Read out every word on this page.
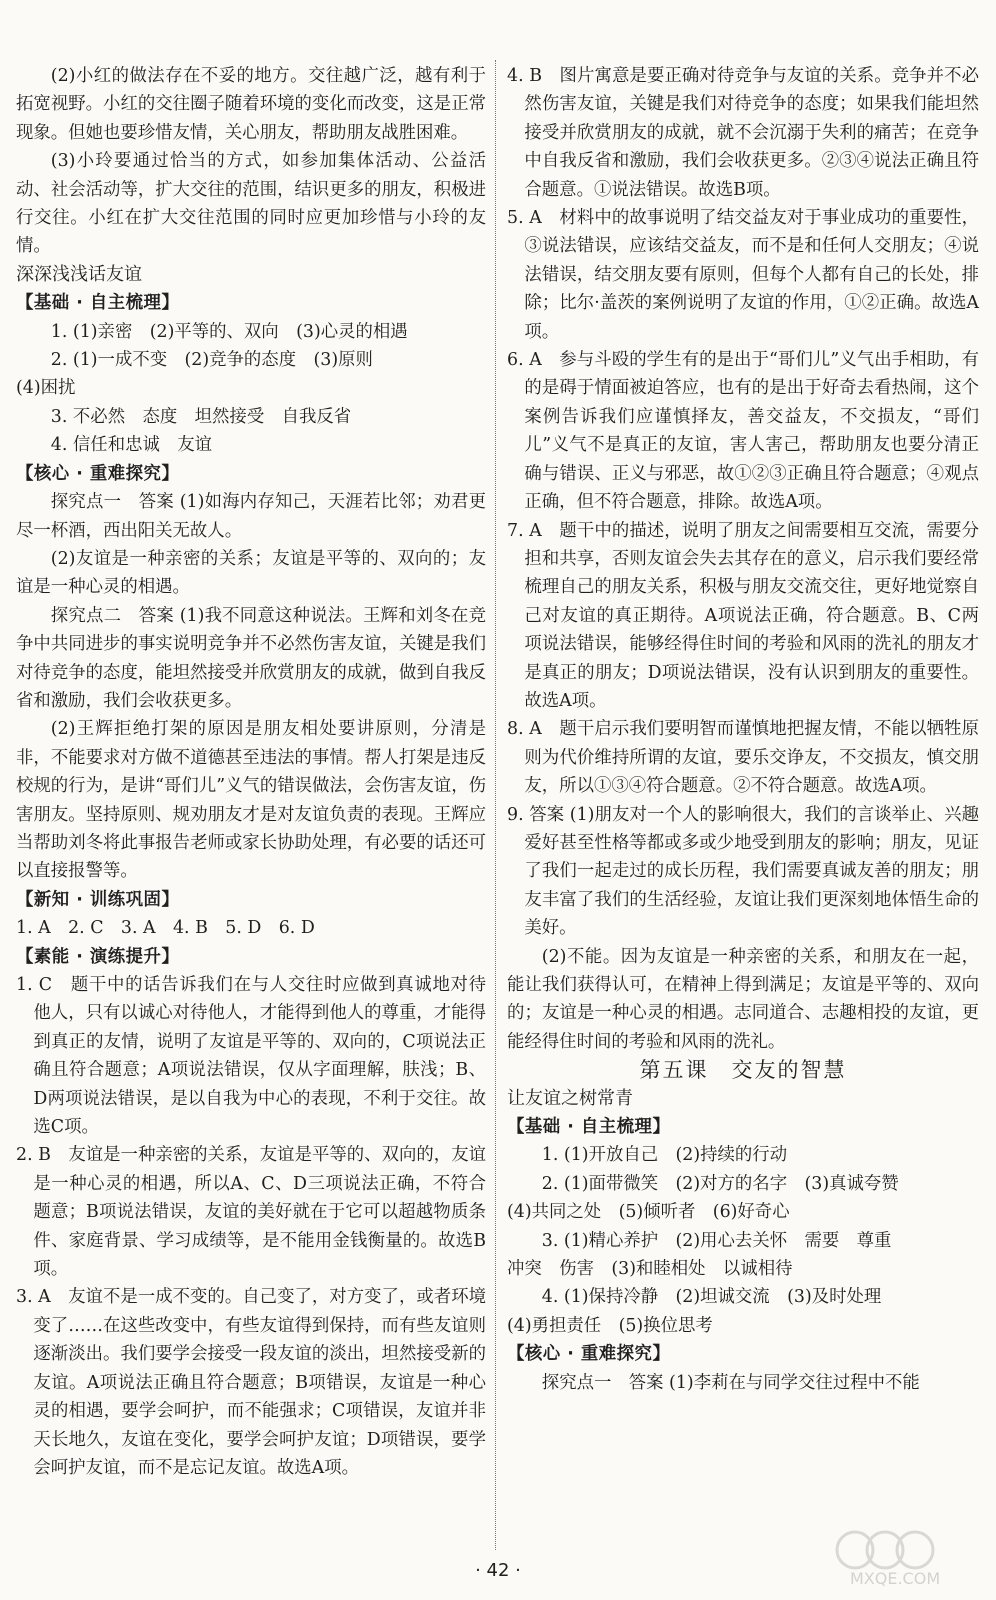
(2)小红的做法存在不妥的地方。交往越广泛，越有利于拓宽视野。小红的交往圈子随着环境的变化而改变，这是正常现象。但她也要珍惜友情，关心朋友，帮助朋友战胜困难。

(3)小玲要通过恰当的方式，如参加集体活动、公益活动、社会活动等，扩大交往的范围，结识更多的朋友，积极进行交往。小红在扩大交往范围的同时应更加珍惜与小玲的友情。

深深浅浅话友谊

【基础 · 自主梳理】

1. (1)亲密　(2)平等的、双向　(3)心灵的相遇

2. (1)一成不变　(2)竞争的态度　(3)原则

(4)困扰

3. 不必然　态度　坦然接受　自我反省

4. 信任和忠诚　友谊

【核心 · 重难探究】

探究点一　答案 (1)如海内存知己，天涯若比邻；劝君更尽一杯酒，西出阳关无故人。

(2)友谊是一种亲密的关系；友谊是平等的、双向的；友谊是一种心灵的相遇。

探究点二　答案 (1)我不同意这种说法。王辉和刘冬在竞争中共同进步的事实说明竞争并不必然伤害友谊，关键是我们对待竞争的态度，能坦然接受并欣赏朋友的成就，做到自我反省和激励，我们会收获更多。

(2)王辉拒绝打架的原因是朋友相处要讲原则，分清是非，不能要求对方做不道德甚至违法的事情。帮人打架是违反校规的行为，是讲“哥们儿”义气的错误做法，会伤害友谊，伤害朋友。坚持原则、规劝朋友才是对友谊负责的表现。王辉应当帮助刘冬将此事报告老师或家长协助处理，有必要的话还可以直接报警等。

【新知 · 训练巩固】

1. A　2. C　3. A　4. B　5. D　6. D

【素能 · 演练提升】

1. C　题干中的话告诉我们在与人交往时应做到真诚地对待他人，只有以诚心对待他人，才能得到他人的尊重，才能得到真正的友情，说明了友谊是平等的、双向的，C项说法正确且符合题意；A项说法错误，仅从字面理解，肤浅；B、D两项说法错误，是以自我为中心的表现，不利于交往。故选C项。

2. B　友谊是一种亲密的关系，友谊是平等的、双向的，友谊是一种心灵的相遇，所以A、C、D三项说法正确，不符合题意；B项说法错误，友谊的美好就在于它可以超越物质条件、家庭背景、学习成绩等，是不能用金钱衡量的。故选B项。

3. A　友谊不是一成不变的。自己变了，对方变了，或者环境变了……在这些改变中，有些友谊得到保持，而有些友谊则逐渐淡出。我们要学会接受一段友谊的淡出，坦然接受新的友谊。A项说法正确且符合题意；B项错误，友谊是一种心灵的相遇，要学会呵护，而不能强求；C项错误，友谊并非天长地久，友谊在变化，要学会呵护友谊；D项错误，要学会呵护友谊，而不是忘记友谊。故选A项。

4. B　图片寓意是要正确对待竞争与友谊的关系。竞争并不必然伤害友谊，关键是我们对待竞争的态度；如果我们能坦然接受并欣赏朋友的成就，就不会沉溺于失利的痛苦；在竞争中自我反省和激励，我们会收获更多。②③④说法正确且符合题意。①说法错误。故选B项。

5. A　材料中的故事说明了结交益友对于事业成功的重要性，③说法错误，应该结交益友，而不是和任何人交朋友；④说法错误，结交朋友要有原则，但每个人都有自己的长处，排除；比尔·盖茨的案例说明了友谊的作用，①②正确。故选A项。

6. A　参与斗殴的学生有的是出于“哥们儿”义气出手相助，有的是碍于情面被迫答应，也有的是出于好奇去看热闹，这个案例告诉我们应谨慎择友，善交益友，不交损友，“哥们儿”义气不是真正的友谊，害人害己，帮助朋友也要分清正确与错误、正义与邪恶，故①②③正确且符合题意；④观点正确，但不符合题意，排除。故选A项。

7. A　题干中的描述，说明了朋友之间需要相互交流，需要分担和共享，否则友谊会失去其存在的意义，启示我们要经常梳理自己的朋友关系，积极与朋友交流交往，更好地觉察自己对友谊的真正期待。A项说法正确，符合题意。B、C两项说法错误，能够经得住时间的考验和风雨的洗礼的朋友才是真正的朋友；D项说法错误，没有认识到朋友的重要性。故选A项。

8. A　题干启示我们要明智而谨慎地把握友情，不能以牺牲原则为代价维持所谓的友谊，要乐交诤友，不交损友，慎交朋友，所以①③④符合题意。②不符合题意。故选A项。

9. 答案 (1)朋友对一个人的影响很大，我们的言谈举止、兴趣爱好甚至性格等都或多或少地受到朋友的影响；朋友，见证了我们一起走过的成长历程，我们需要真诚友善的朋友；朋友丰富了我们的生活经验，友谊让我们更深刻地体悟生命的美好。

(2)不能。因为友谊是一种亲密的关系，和朋友在一起，能让我们获得认可，在精神上得到满足；友谊是平等的、双向的；友谊是一种心灵的相遇。志同道合、志趣相投的友谊，更能经得住时间的考验和风雨的洗礼。

第五课　交友的智慧

让友谊之树常青

【基础 · 自主梳理】

1. (1)开放自己　(2)持续的行动

2. (1)面带微笑　(2)对方的名字　(3)真诚夸赞

(4)共同之处　(5)倾听者　(6)好奇心

3. (1)精心养护　(2)用心去关怀　需要　尊重

冲突　伤害　(3)和睦相处　以诚相待

4. (1)保持冷静　(2)坦诚交流　(3)及时处理

(4)勇担责任　(5)换位思考

【核心 · 重难探究】

探究点一　答案 (1)李莉在与同学交往过程中不能

· 42 ·	MXQE.COM
